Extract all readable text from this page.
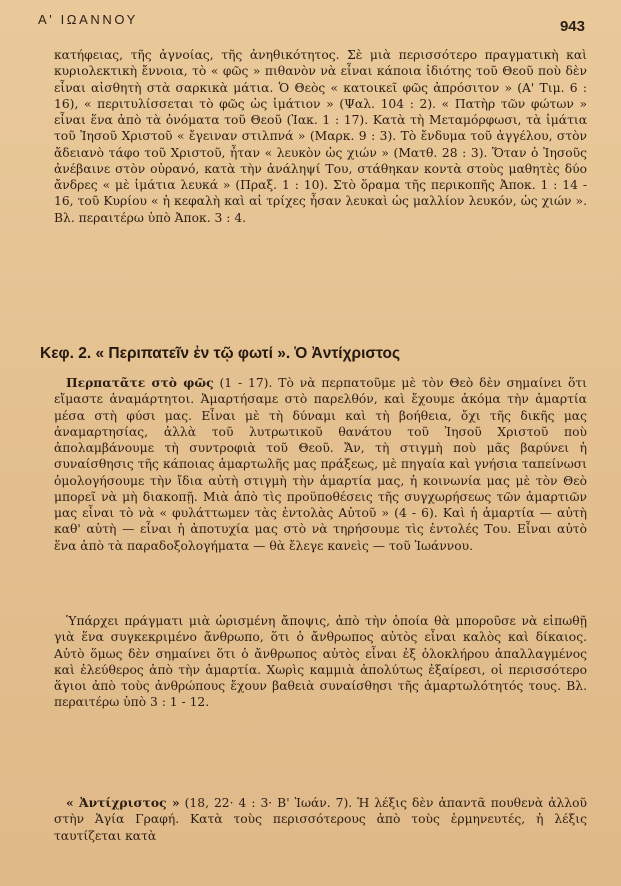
Α' ΙΩΑΝΝΟΥ	943

κατήφειας, τῆς ἀγνοίας, τῆς ἀνηθικότητος. Σὲ μιὰ περισσότερο πραγματικὴ καὶ κυριολεκτικὴ ἔννοια, τὸ « φῶς » πιθανὸν νὰ εἶναι κάποια ἰδιότης τοῦ Θεοῦ ποὺ δὲν εἶναι αἰσθητὴ στὰ σαρκικὰ μάτια. Ὁ Θεὸς « κατοικεῖ φῶς ἀπρόσιτον » (Α' Τιμ. 6 : 16), « περιτυλίσσεται τὸ φῶς ὡς ἱμάτιον » (Ψαλ. 104 : 2). « Πατὴρ τῶν φώτων » εἶναι ἕνα ἀπὸ τὰ ὀνόματα τοῦ Θεοῦ (Ἰακ. 1 : 17). Κατὰ τὴ Μεταμόρφωσι, τὰ ἱμάτια τοῦ Ἰησοῦ Χριστοῦ « ἔγειναν στιλπνά » (Μαρκ. 9 : 3). Τὸ ἔνδυμα τοῦ ἀγγέλου, στὸν ἄδειανὸ τάφο τοῦ Χριστοῦ, ἦταν « λευκὸν ὡς χιών » (Ματθ. 28 : 3). Ὅταν ὁ Ἰησοῦς ἀνέβαινε στὸν οὐρανό, κατὰ τὴν ἀνάληψί Του, στάθηκαν κοντὰ στοὺς μαθητὲς δύο ἄνδρες « μὲ ἱμάτια λευκά » (Πραξ. 1 : 10). Στὸ ὅραμα τῆς περικοπῆς Ἀποκ. 1 : 14 - 16, τοῦ Κυρίου « ἡ κεφαλὴ καὶ αἱ τρίχες ἦσαν λευκαὶ ὡς μαλλίον λευκόν, ὡς χιών ». Βλ. περαιτέρω ὑπὸ Ἀποκ. 3 : 4.

Κεφ. 2. « Περιπατεῖν ἐν τῷ φωτί ». Ὁ Ἀντίχριστος

Περπατᾶτε στὸ φῶς (1 - 17). Τὸ νὰ περπατοῦμε μὲ τὸν Θεὸ δὲν σημαίνει ὅτι εἴμαστε ἀναμάρτητοι. Ἁμαρτήσαμε στὸ παρελθόν, καὶ ἔχουμε ἀκόμα τὴν ἁμαρτία μέσα στὴ φύσι μας. Εἶναι μὲ τὴ δύναμι καὶ τὴ βοήθεια, ὄχι τῆς δικῆς μας ἀναμαρτησίας, ἀλλὰ τοῦ λυτρωτικοῦ θανάτου τοῦ Ἰησοῦ Χριστοῦ ποὺ ἀπολαμβάνουμε τὴ συντροφιὰ τοῦ Θεοῦ. Ἄν, τὴ στιγμὴ ποὺ μᾶς βαρύνει ἡ συναίσθησις τῆς κάποιας ἁμαρτωλῆς μας πράξεως, μὲ πηγαία καὶ γνήσια ταπείνωσι ὁμολογήσουμε τὴν ἴδια αὐτὴ στιγμὴ τὴν ἁμαρτία μας, ἡ κοινωνία μας μὲ τὸν Θεὸ μπορεῖ νὰ μὴ διακοπῇ. Μιὰ ἀπὸ τὶς προϋποθέσεις τῆς συγχωρήσεως τῶν ἁμαρτιῶν μας εἶναι τὸ νὰ « φυλάττωμεν τὰς ἐντολὰς Αὐτοῦ » (4 - 6). Καὶ ἡ ἁμαρτία — αὐτὴ καθ' αὑτὴ — εἶναι ἡ ἀποτυχία μας στὸ νὰ τηρήσουμε τὶς ἐντολές Του. Εἶναι αὐτὸ ἕνα ἀπὸ τὰ παραδοξολογήματα — θὰ ἔλεγε κανεὶς — τοῦ Ἰωάννου.

Ὑπάρχει πράγματι μιὰ ὡρισμένη ἄποψις, ἀπὸ τὴν ὁποία θὰ μποροῦσε νὰ εἰπωθῇ γιὰ ἕνα συγκεκριμένο ἄνθρωπο, ὅτι ὁ ἄνθρωπος αὐτὸς εἶναι καλὸς καὶ δίκαιος. Αὐτὸ ὅμως δὲν σημαίνει ὅτι ὁ ἄνθρωπος αὐτὸς εἶναι ἐξ ὁλοκλήρου ἀπαλλαγμένος καὶ ἐλεύθερος ἀπὸ τὴν ἁμαρτία. Χωρὶς καμμιὰ ἀπολύτως ἐξαίρεσι, οἱ περισσότερο ἅγιοι ἀπὸ τοὺς ἀνθρώπους ἔχουν βαθειὰ συναίσθησι τῆς ἁμαρτωλότητός τους. Βλ. περαιτέρω ὑπὸ 3 : 1 - 12.

« Ἀντίχριστος » (18, 22· 4 : 3· Β' Ἰωάν. 7). Ἡ λέξις δὲν ἀπαντᾶ πουθενὰ ἀλλοῦ στὴν Ἁγία Γραφή. Κατὰ τοὺς περισσότερους ἀπὸ τοὺς ἑρμηνευτές, ἡ λέξις ταυτίζεται κατὰ
